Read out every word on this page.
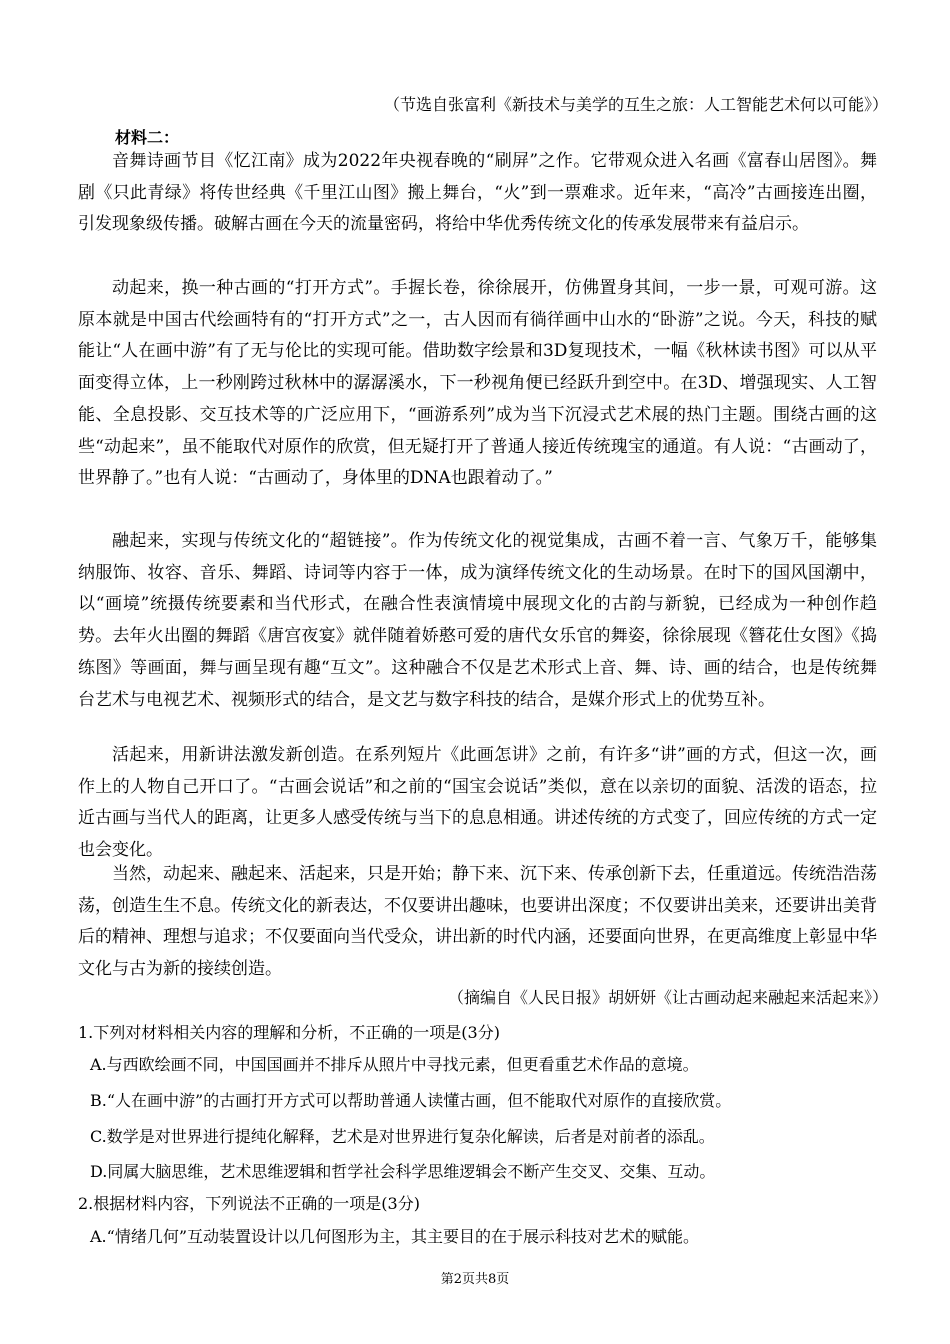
（节选自张富利《新技术与美学的互生之旅：人工智能艺术何以可能》）
材料二：
音舞诗画节目《忆江南》成为2022年央视春晚的“刷屏”之作。它带观众进入名画《富春山居图》。舞剧《只此青绿》将传世经典《千里江山图》搬上舞台，“火”到一票难求。近年来，“高冷”古画接连出圈，引发现象级传播。破解古画在今天的流量密码，将给中华优秀传统文化的传承发展带来有益启示。
动起来，换一种古画的“打开方式”。手握长卷，徐徐展开，仿佛置身其间，一步一景，可观可游。这原本就是中国古代绘画特有的“打开方式”之一，古人因而有徜徉画中山水的“卧游”之说。今天，科技的赋能让“人在画中游”有了无与伦比的实现可能。借助数字绘景和3D复现技术，一幅《秋林读书图》可以从平面变得立体，上一秒刚跨过秋林中的潺潺溪水，下一秒视角便已经跃升到空中。在3D、增强现实、人工智能、全息投影、交互技术等的广泛应用下，“画游系列”成为当下沉浸式艺术展的热门主题。围绕古画的这些“动起来”，虽不能取代对原作的欣赏，但无疑打开了普通人接近传统瑰宝的通道。有人说：“古画动了，世界静了。”也有人说：“古画动了，身体里的DNA也跟着动了。”
融起来，实现与传统文化的“超链接”。作为传统文化的视觉集成，古画不着一言、气象万千，能够集纳服饰、妆容、音乐、舞蹈、诗词等内容于一体，成为演绎传统文化的生动场景。在时下的国风国潮中，以“画境”统摄传统要素和当代形式，在融合性表演情境中展现文化的古韵与新貌，已经成为一种创作趋势。去年火出圈的舞蹈《唐宫夜宴》就伴随着娇憨可爱的唐代女乐官的舞姿，徐徐展现《簪花仕女图》《捣练图》等画面，舞与画呈现有趣“互文”。这种融合不仅是艺术形式上音、舞、诗、画的结合，也是传统舞台艺术与电视艺术、视频形式的结合，是文艺与数字科技的结合，是媒介形式上的优势互补。
活起来，用新讲法激发新创造。在系列短片《此画怎讲》之前，有许多“讲”画的方式，但这一次，画作上的人物自己开口了。“古画会说话”和之前的“国宝会说话”类似，意在以亲切的面貌、活泼的语态，拉近古画与当代人的距离，让更多人感受传统与当下的息息相通。讲述传统的方式变了，回应传统的方式一定也会变化。
当然，动起来、融起来、活起来，只是开始；静下来、沉下来、传承创新下去，任重道远。传统浩浩荡荡，创造生生不息。传统文化的新表达，不仅要讲出趣味，也要讲出深度；不仅要讲出美来，还要讲出美背后的精神、理想与追求；不仅要面向当代受众，讲出新的时代内涵，还要面向世界，在更高维度上彰显中华文化与古为新的接续创造。
（摘编自《人民日报》胡妍妍《让古画动起来融起来活起来》）
1.下列对材料相关内容的理解和分析，不正确的一项是(3分)
A.与西欧绘画不同，中国国画并不排斥从照片中寻找元素，但更看重艺术作品的意境。
B.“人在画中游”的古画打开方式可以帮助普通人读懂古画，但不能取代对原作的直接欣赏。
C.数学是对世界进行提纯化解释，艺术是对世界进行复杂化解读，后者是对前者的添乱。
D.同属大脑思维，艺术思维逻辑和哲学社会科学思维逻辑会不断产生交叉、交集、互动。
2.根据材料内容，下列说法不正确的一项是(3分)
A.“情绪几何”互动装置设计以几何图形为主，其主要目的在于展示科技对艺术的赋能。
第2页共8页
